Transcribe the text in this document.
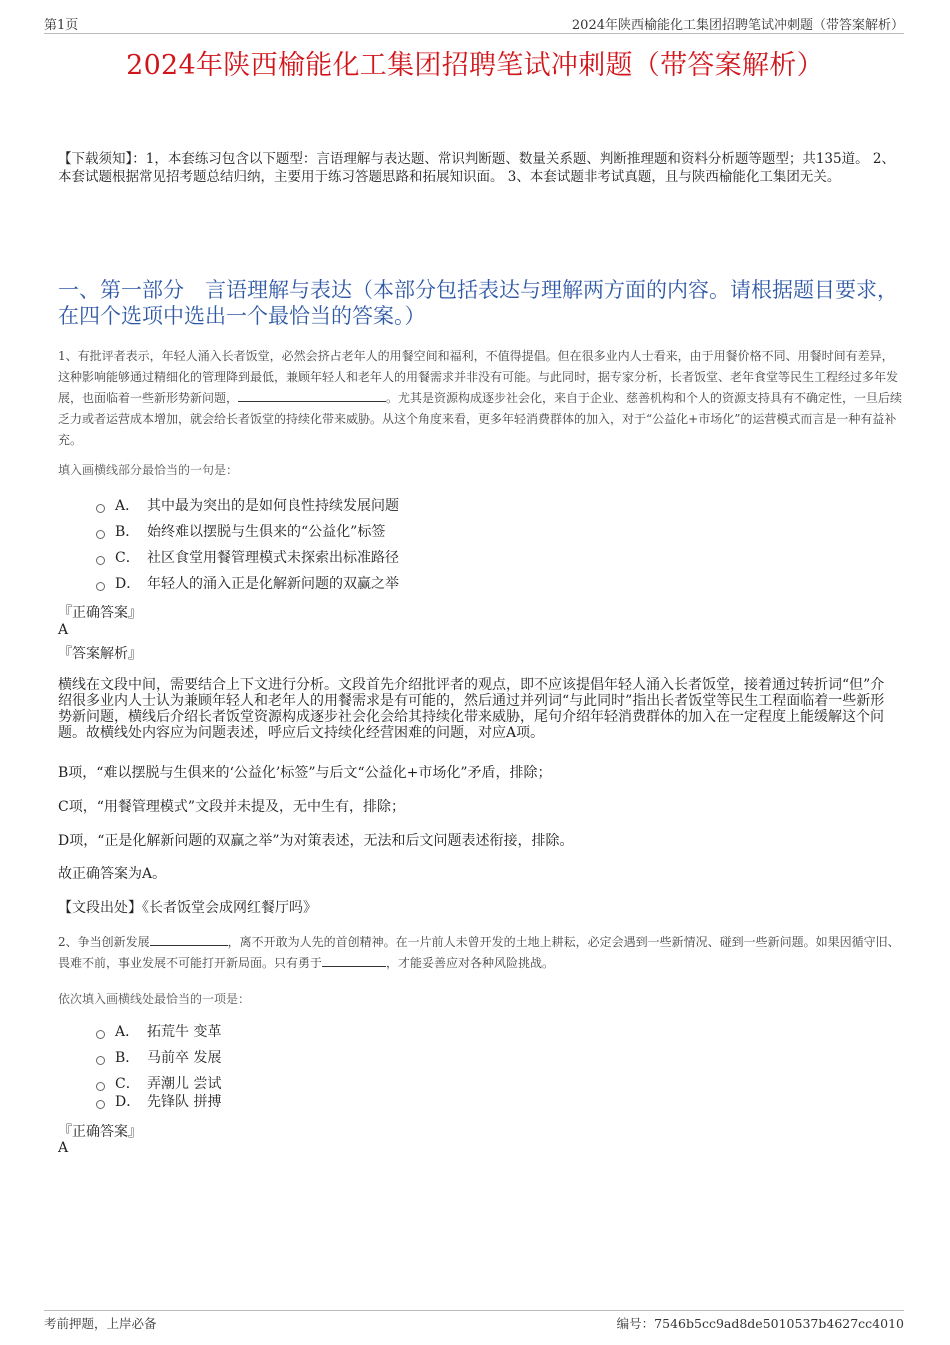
第1页	2024年陕西榆能化工集团招聘笔试冲刺题（带答案解析）
2024年陕西榆能化工集团招聘笔试冲刺题（带答案解析）
【下载须知】：1，本套练习包含以下题型：言语理解与表达题、常识判断题、数量关系题、判断推理题和资料分析题等题型；共135道。 2、本套试题根据常见招考题总结归纳，主要用于练习答题思路和拓展知识面。 3、本套试题非考试真题，且与陕西榆能化工集团无关。
一、第一部分　言语理解与表达（本部分包括表达与理解两方面的内容。请根据题目要求，在四个选项中选出一个最恰当的答案。）
1、有批评者表示，年轻人涌入长者饭堂，必然会挤占老年人的用餐空间和福利，不值得提倡。但在很多业内人士看来，由于用餐价格不同、用餐时间有差异，这种影响能够通过精细化的管理降到最低，兼顾年轻人和老年人的用餐需求并非没有可能。与此同时，据专家分析，长者饭堂、老年食堂等民生工程经过多年发展，也面临着一些新形势新问题，	。尤其是资源构成逐步社会化，来自于企业、慈善机构和个人的资源支持具有不确定性，一旦后续乏力或者运营成本增加，就会给长者饭堂的持续化带来威胁。从这个角度来看，更多年轻消费群体的加入，对于“公益化+市场化”的运营模式而言是一种有益补充。
填入画横线部分最恰当的一句是：
A． 其中最为突出的是如何良性持续发展问题
B． 始终难以摆脱与生俱来的“公益化”标签
C． 社区食堂用餐管理模式未探索出标准路径
D． 年轻人的涌入正是化解新问题的双赢之举
『正确答案』
A
『答案解析』
横线在文段中间，需要结合上下文进行分析。文段首先介绍批评者的观点，即不应该提倡年轻人涌入长者饭堂，接着通过转折词“但”介绍很多业内人士认为兼顾年轻人和老年人的用餐需求是有可能的，然后通过并列词“与此同时”指出长者饭堂等民生工程面临着一些新形势新问题，横线后介绍长者饭堂资源构成逐步社会化会给其持续化带来威胁，尾句介绍年轻消费群体的加入在一定程度上能缓解这个问题。故横线处内容应为问题表述，呼应后文持续化经营困难的问题，对应A项。
B项，“难以摆脱与生俱来的‘公益化’标签”与后文“公益化+市场化”矛盾，排除；
C项，“用餐管理模式”文段并未提及，无中生有，排除；
D项，“正是化解新问题的双赢之举”为对策表述，无法和后文问题表述衔接，排除。
故正确答案为A。
【文段出处】《长者饭堂会成网红餐厅吗》
2、争当创新发展	，离不开敢为人先的首创精神。在一片前人未曾开发的土地上耕耘，必定会遇到一些新情况、碰到一些新问题。如果因循守旧、畏难不前，事业发展不可能打开新局面。只有勇于	，才能妥善应对各种风险挑战。
依次填入画横线处最恰当的一项是：
A． 拓荒牛 变革
B． 马前卒 发展
C． 弄潮儿 尝试
D． 先锋队 拼搏
『正确答案』
A
考前押题，上岸必备	编号：7546b5cc9ad8de5010537b4627cc4010
